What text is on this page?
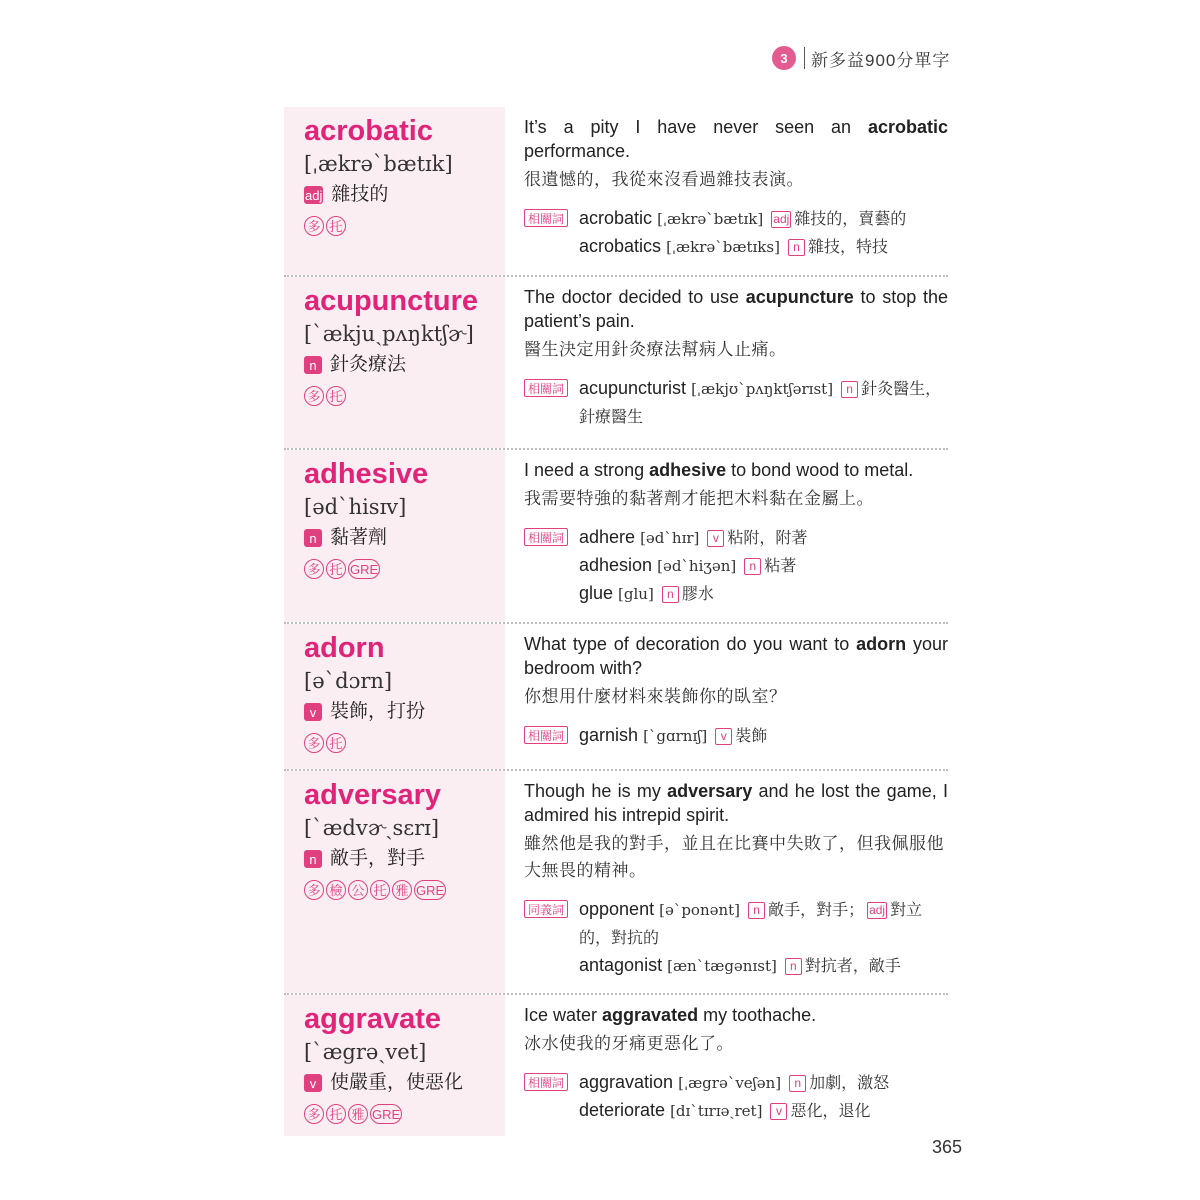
3	新多益900分單字
acrobatic
[ˌækrəˋbætɪk]
adj 雜技的
多 托
It’s a pity I have never seen an acrobatic performance.
很遺憾的，我從來沒看過雜技表演。
相關詞 acrobatic [ˌækrəˋbætɪk] adj 雜技的，賣藝的
acrobatics [ˌækrəˋbætɪks] n 雜技，特技
acupuncture
[ˋækjuˏpʌŋktʃɚ]
n 針灸療法
多 托
The doctor decided to use acupuncture to stop the patient’s pain.
醫生決定用針灸療法幫病人止痛。
相關詞 acupuncturist [ˌækjʊˋpʌŋktʃərɪst] n 針灸醫生，針療醫生
adhesive
[ədˋhisɪv]
n 黏著劑
多 托 GRE
I need a strong adhesive to bond wood to metal.
我需要特強的黏著劑才能把木料黏在金屬上。
相關詞 adhere [ədˋhɪr] v 粘附，附著
adhesion [ədˋhiʒən] n 粘著
glue [glu] n 膠水
adorn
[əˋdɔrn]
v 裝飾，打扮
多 托
What type of decoration do you want to adorn your bedroom with?
你想用什麼材料來裝飾你的臥室？
相關詞 garnish [ˋgɑrnɪʃ] v 裝飾
adversary
[ˋædvɚˏsɛrɪ]
n 敵手，對手
多 檢 公 托 雅 GRE
Though he is my adversary and he lost the game, I admired his intrepid spirit.
雖然他是我的對手，並且在比賽中失敗了，但我佩服他大無畏的精神。
同義詞 opponent [əˋponənt] n 敵手，對手； adj 對立的，對抗的
antagonist [ænˋtægənɪst] n 對抗者，敵手
aggravate
[ˋægrəˏvet]
v 使嚴重，使惡化
多 托 雅 GRE
Ice water aggravated my toothache.
冰水使我的牙痛更惡化了。
相關詞 aggravation [ˌægrəˋveʃən] n 加劇，激怒
deteriorate [dɪˋtɪrɪəˏret] v 惡化，退化
365
